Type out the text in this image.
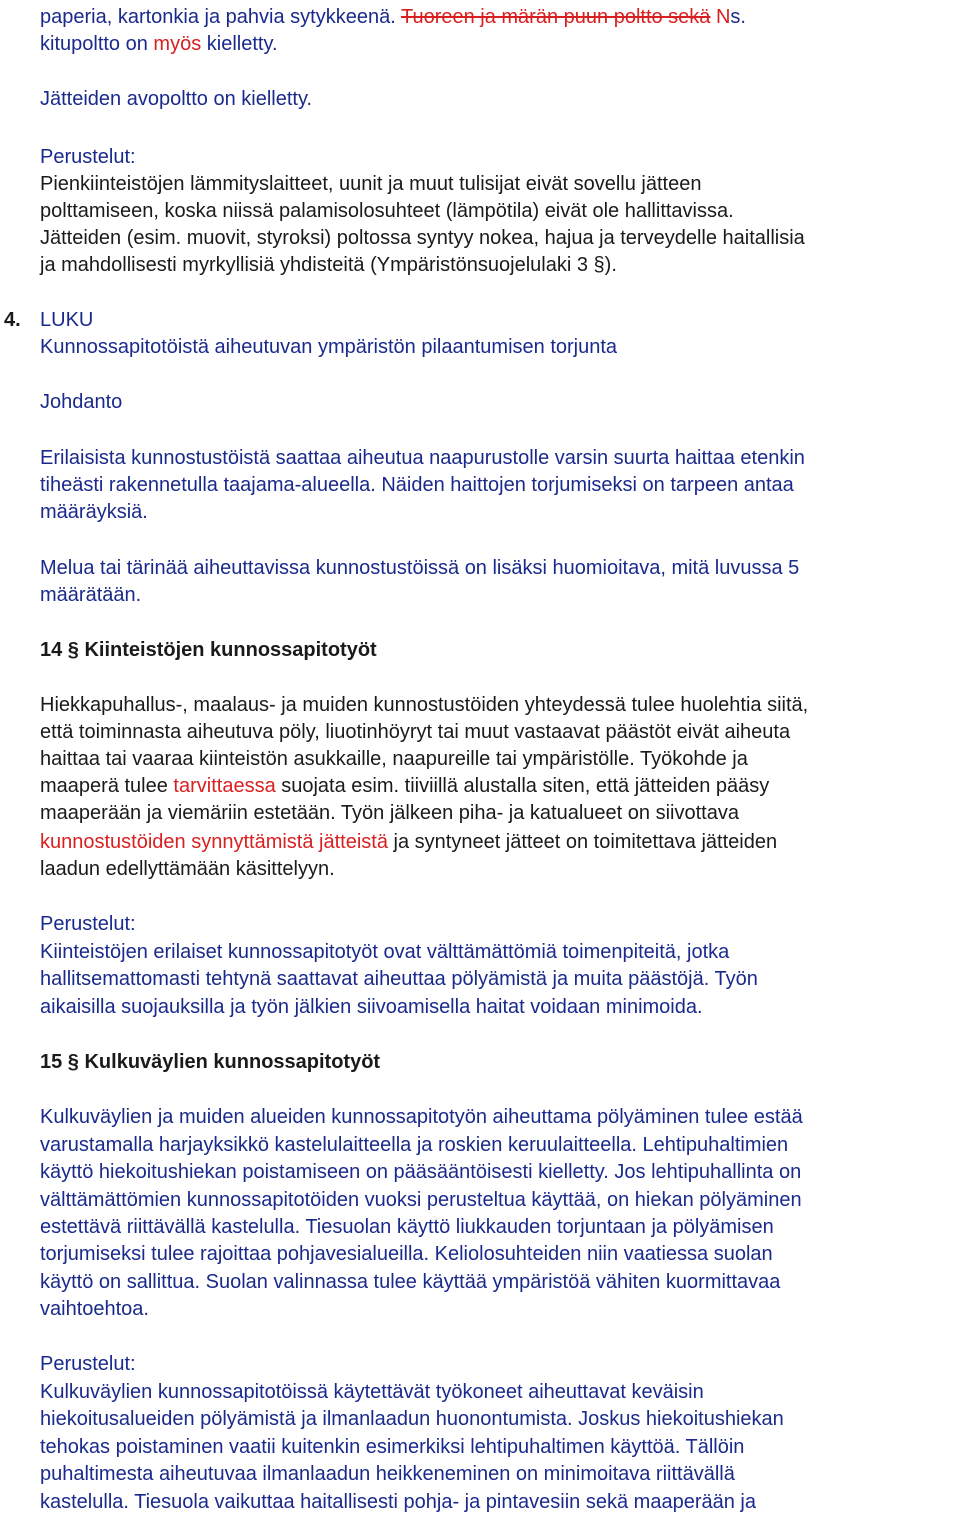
paperia, kartonkia ja pahvia sytykkeenä. Tuoreen ja märän puun poltto sekä Ns.
kitupoltto on myös kielletty.
Jätteiden avopoltto on kielletty.
Perustelut:
Pienkiinteistöjen lämmityslaitteet, uunit ja muut tulisijat eivät sovellu jätteen
polttamiseen, koska niissä palamisolosuhteet (lämpötila) eivät ole hallittavissa.
Jätteiden (esim. muovit, styroksi) poltossa syntyy nokea, hajua ja terveydelle haitallisia
ja mahdollisesti myrkyllisiä yhdisteitä (Ympäristönsuojelulaki 3 §).
4. LUKU
Kunnossapitotöistä aiheutuvan ympäristön pilaantumisen torjunta
Johdanto
Erilaisista kunnostustöistä saattaa aiheutua naapurustolle varsin suurta haittaa etenkin
tiheästi rakennetulla taajama-alueella. Näiden haittojen torjumiseksi on tarpeen antaa
määräyksiä.
Melua tai tärinää aiheuttavissa kunnostustöissä on lisäksi huomioitava, mitä luvussa 5
määrätään.
14 § Kiinteistöjen kunnossapitotyöt
Hiekkapuhallus-, maalaus- ja muiden kunnostustöiden yhteydessä tulee huolehtia siitä,
että toiminnasta aiheutuva pöly, liuotinhöyryt tai muut vastaavat päästöt eivät aiheuta
haittaa tai vaaraa kiinteistön asukkaille, naapureille tai ympäristölle. Työkohde ja
maaperä tulee tarvittaessa suojata esim. tiiviillä alustalla siten, että jätteiden pääsy
maaperään ja viemäriin estetään. Työn jälkeen piha- ja katualueet on siivottava
kunnostustöiden synnyttämistä jätteistä ja syntyneet jätteet on toimitettava jätteiden
laadun edellyttämään käsittelyyn.
Perustelut:
Kiinteistöjen erilaiset kunnossapitotyöt ovat välttämättömiä toimenpiteitä, jotka
hallitsemattomasti tehtynä saattavat aiheuttaa pölyämistä ja muita päästöjä. Työn
aikaisilla suojauksilla ja työn jälkien siivoamisella haitat voidaan minimoida.
15 § Kulkuväylien kunnossapitotyöt
Kulkuväylien ja muiden alueiden kunnossapitotyön aiheuttama pölyäminen tulee estää
varustamalla harjayksikkö kastelulaitteella ja roskien keruulaitteella. Lehtipuhaltimien
käyttö hiekoitushiekan poistamiseen on pääsääntöisesti kielletty. Jos lehtipuhallinta on
välttämättömien kunnossapitotöiden vuoksi perusteltua käyttää, on hiekan pölyäminen
estettävä riittävällä kastelulla. Tiesuolan käyttö liukkauden torjuntaan ja pölyämisen
torjumiseksi tulee rajoittaa pohjavesialueilla. Keliolosuhteiden niin vaatiessa suolan
käyttö on sallittua. Suolan valinnassa tulee käyttää ympäristöä vähiten kuormittavaa
vaihtoehtoa.
Perustelut:
Kulkuväylien kunnossapitotöissä käytettävät työkoneet aiheuttavat keväisin
hiekoitusalueiden pölyämistä ja ilmanlaadun huonontumista. Joskus hiekoitushiekan
tehokas poistaminen vaatii kuitenkin esimerkiksi lehtipuhaltimen käyttöä. Tällöin
puhaltimesta aiheutuvaa ilmanlaadun heikkeneminen on minimoitava riittävällä
kastelulla. Tiesuola vaikuttaa haitallisesti pohja- ja pintavesiin sekä maaperään ja
